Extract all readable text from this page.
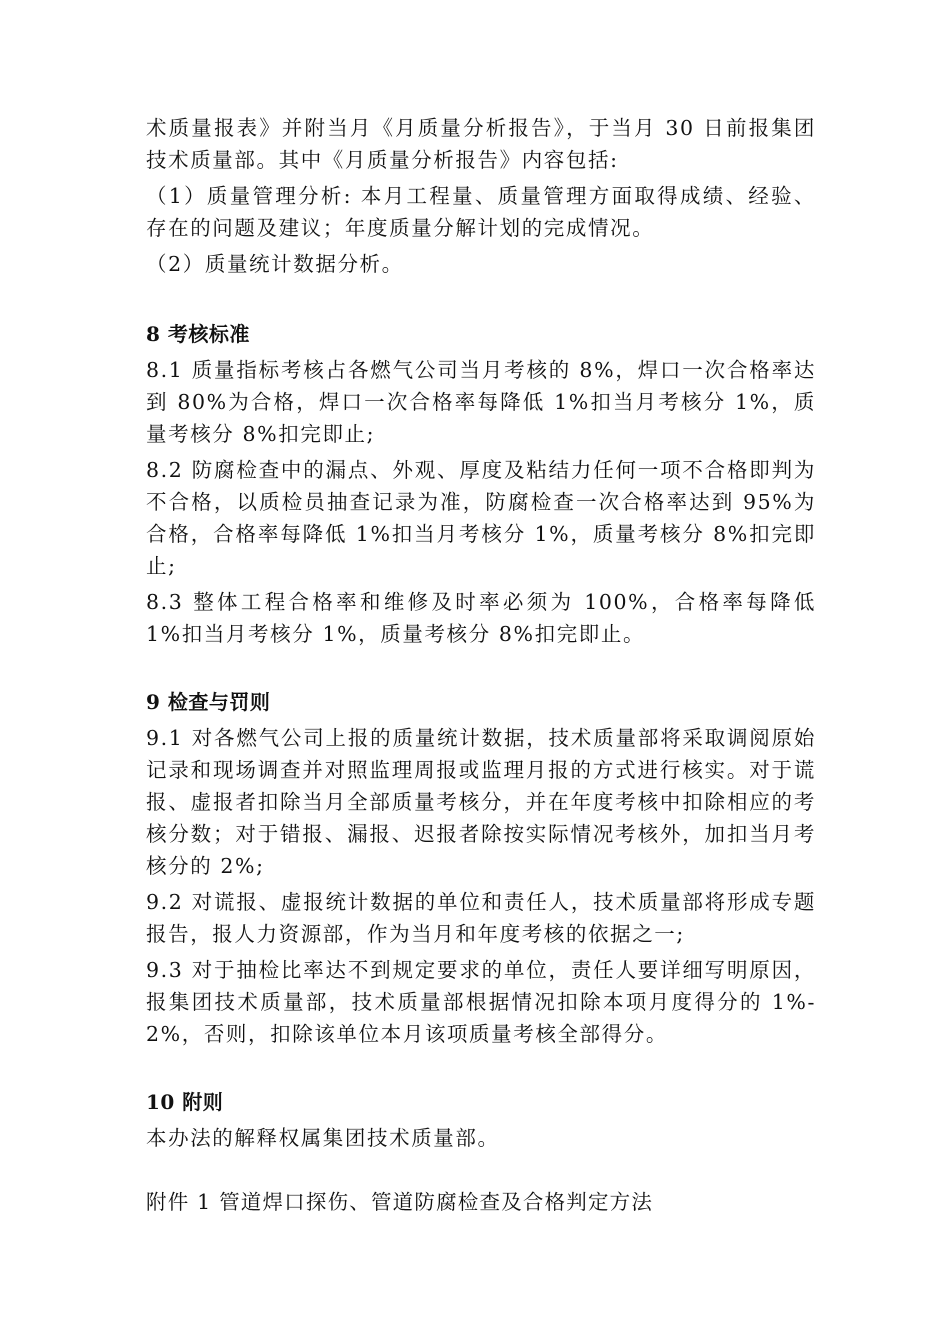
术质量报表》并附当月《月质量分析报告》，于当月 30 日前报集团技术质量部。其中《月质量分析报告》内容包括:

（1）质量管理分析: 本月工程量、质量管理方面取得成绩、经验、存在的问题及建议；年度质量分解计划的完成情况。

（2）质量统计数据分析。

8 考核标准

8.1 质量指标考核占各燃气公司当月考核的 8%，焊口一次合格率达到 80%为合格，焊口一次合格率每降低 1%扣当月考核分 1%，质量考核分 8%扣完即止;

8.2 防腐检查中的漏点、外观、厚度及粘结力任何一项不合格即判为不合格，以质检员抽查记录为准，防腐检查一次合格率达到 95%为合格，合格率每降低 1%扣当月考核分 1%，质量考核分 8%扣完即止;

8.3 整体工程合格率和维修及时率必须为 100%，合格率每降低 1%扣当月考核分 1%，质量考核分 8%扣完即止。

9 检查与罚则

9.1 对各燃气公司上报的质量统计数据，技术质量部将采取调阅原始记录和现场调查并对照监理周报或监理月报的方式进行核实。对于谎报、虚报者扣除当月全部质量考核分，并在年度考核中扣除相应的考核分数；对于错报、漏报、迟报者除按实际情况考核外，加扣当月考核分的 2%;

9.2 对谎报、虚报统计数据的单位和责任人，技术质量部将形成专题报告，报人力资源部，作为当月和年度考核的依据之一;

9.3 对于抽检比率达不到规定要求的单位，责任人要详细写明原因，报集团技术质量部，技术质量部根据情况扣除本项月度得分的 1%-2%，否则，扣除该单位本月该项质量考核全部得分。

10 附则

本办法的解释权属集团技术质量部。

附件 1 管道焊口探伤、管道防腐检查及合格判定方法
